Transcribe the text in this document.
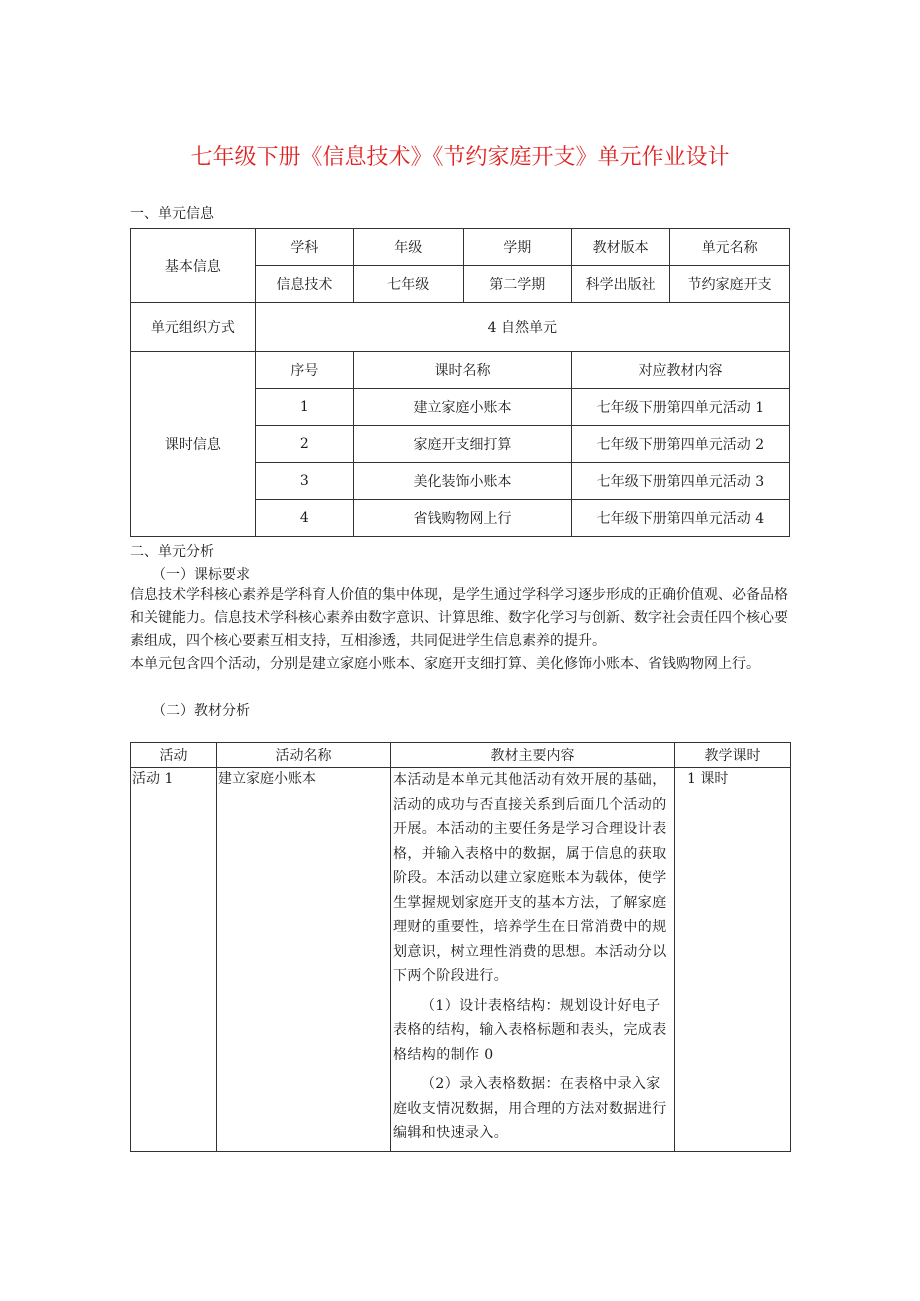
七年级下册《信息技术》《节约家庭开支》单元作业设计
一、单元信息
基本信息	学科	年级	学期	教材版本	单元名称
	信息技术	七年级	第二学期	科学出版社	节约家庭开支
单元组织方式	4 自然单元				
课时信息	序号	课时名称		对应教材内容	
	1	建立家庭小账本		七年级下册第四单元活动 1	
	2	家庭开支细打算		七年级下册第四单元活动 2	
	3	美化装饰小账本		七年级下册第四单元活动 3	
	4	省钱购物网上行		七年级下册第四单元活动 4	
二、单元分析
（一）课标要求
信息技术学科核心素养是学科育人价值的集中体现，是学生通过学科学习逐步形成的正确价值观、必备品格和关键能力。信息技术学科核心素养由数字意识、计算思维、数字化学习与创新、数字社会责任四个核心要素组成，四个核心要素互相支持，互相渗透，共同促进学生信息素养的提升。
本单元包含四个活动，分别是建立家庭小账本、家庭开支细打算、美化修饰小账本、省钱购物网上行。
（二）教材分析
活动	活动名称	教材主要内容	教学课时
活动 1	建立家庭小账本	本活动是本单元其他活动有效开展的基础，活动的成功与否直接关系到后面几个活动的开展。本活动的主要任务是学习合理设计表格，并输入表格中的数据，属于信息的获取阶段。本活动以建立家庭账本为载体，使学生掌握规划家庭开支的基本方法，了解家庭理财的重要性，培养学生在日常消费中的规划意识，树立理性消费的思想。本活动分以下两个阶段进行。

（1）设计表格结构：规划设计好电子表格的结构，输入表格标题和表头，完成表格结构的制作 0

（2）录入表格数据：在表格中录入家庭收支情况数据，用合理的方法对数据进行编辑和快速录入。	1 课时
